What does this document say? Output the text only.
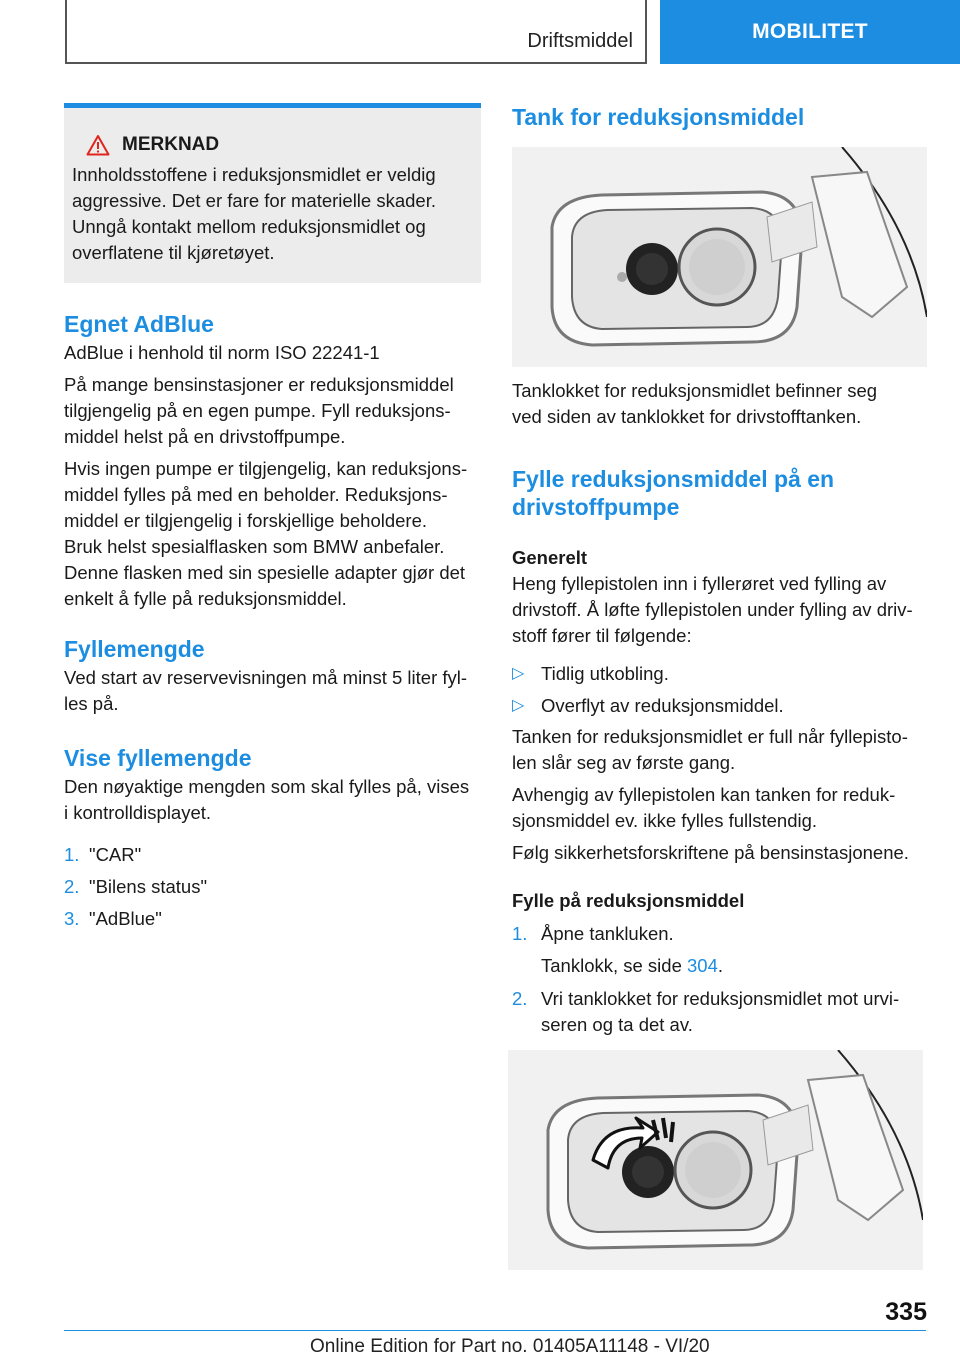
Driftsmiddel	MOBILITET
MERKNAD

Innholdsstoffene i reduksjonsmidlet er veldig

aggressive. Det er fare for materielle skader.

Unngå kontakt mellom reduksjonsmidlet og

overflatene til kjøretøyet.

Egnet AdBlue

AdBlue i henhold til norm ISO 22241-1

På mange bensinstasjoner er reduksjonsmiddel

tilgjengelig på en egen pumpe. Fyll reduksjons‐

middel helst på en drivstoffpumpe.

Hvis ingen pumpe er tilgjengelig, kan reduksjons‐

middel fylles på med en beholder. Reduksjons‐

middel er tilgjengelig i forskjellige beholdere.

Bruk helst spesialflasken som BMW anbefaler.

Denne flasken med sin spesielle adapter gjør det

enkelt å fylle på reduksjonsmiddel.

Fyllemengde

Ved start av reservevisningen må minst 5 liter fyl‐

les på.

Vise fyllemengde

Den nøyaktige mengden som skal fylles på, vises

i kontrolldisplayet.

1. "CAR"
2. "Bilens status"
3. "AdBlue"
Tank for reduksjonsmiddel

Tanklokket for reduksjonsmidlet befinner seg

ved siden av tanklokket for drivstofftanken.

Fylle reduksjonsmiddel på en
drivstoffpumpe
Generelt

Heng fyllepistolen inn i fyllerøret ved fylling av

drivstoff. Å løfte fyllepistolen under fylling av driv‐

stoff fører til følgende:

▷ Tidlig utkobling.
▷ Overflyt av reduksjonsmiddel.

Tanken for reduksjonsmidlet er full når fyllepisto‐

len slår seg av første gang.

Avhengig av fyllepistolen kan tanken for reduk‐

sjonsmiddel ev. ikke fylles fullstendig.

Følg sikkerhetsforskriftene på bensinstasjonene.

Fylle på reduksjonsmiddel
1. Åpne tankluken.
Tanklokk, se side 304.
2. Vri tanklokket for reduksjonsmidlet mot urvi‐
seren og ta det av.
335
Online Edition for Part no. 01405A11148 - VI/20
